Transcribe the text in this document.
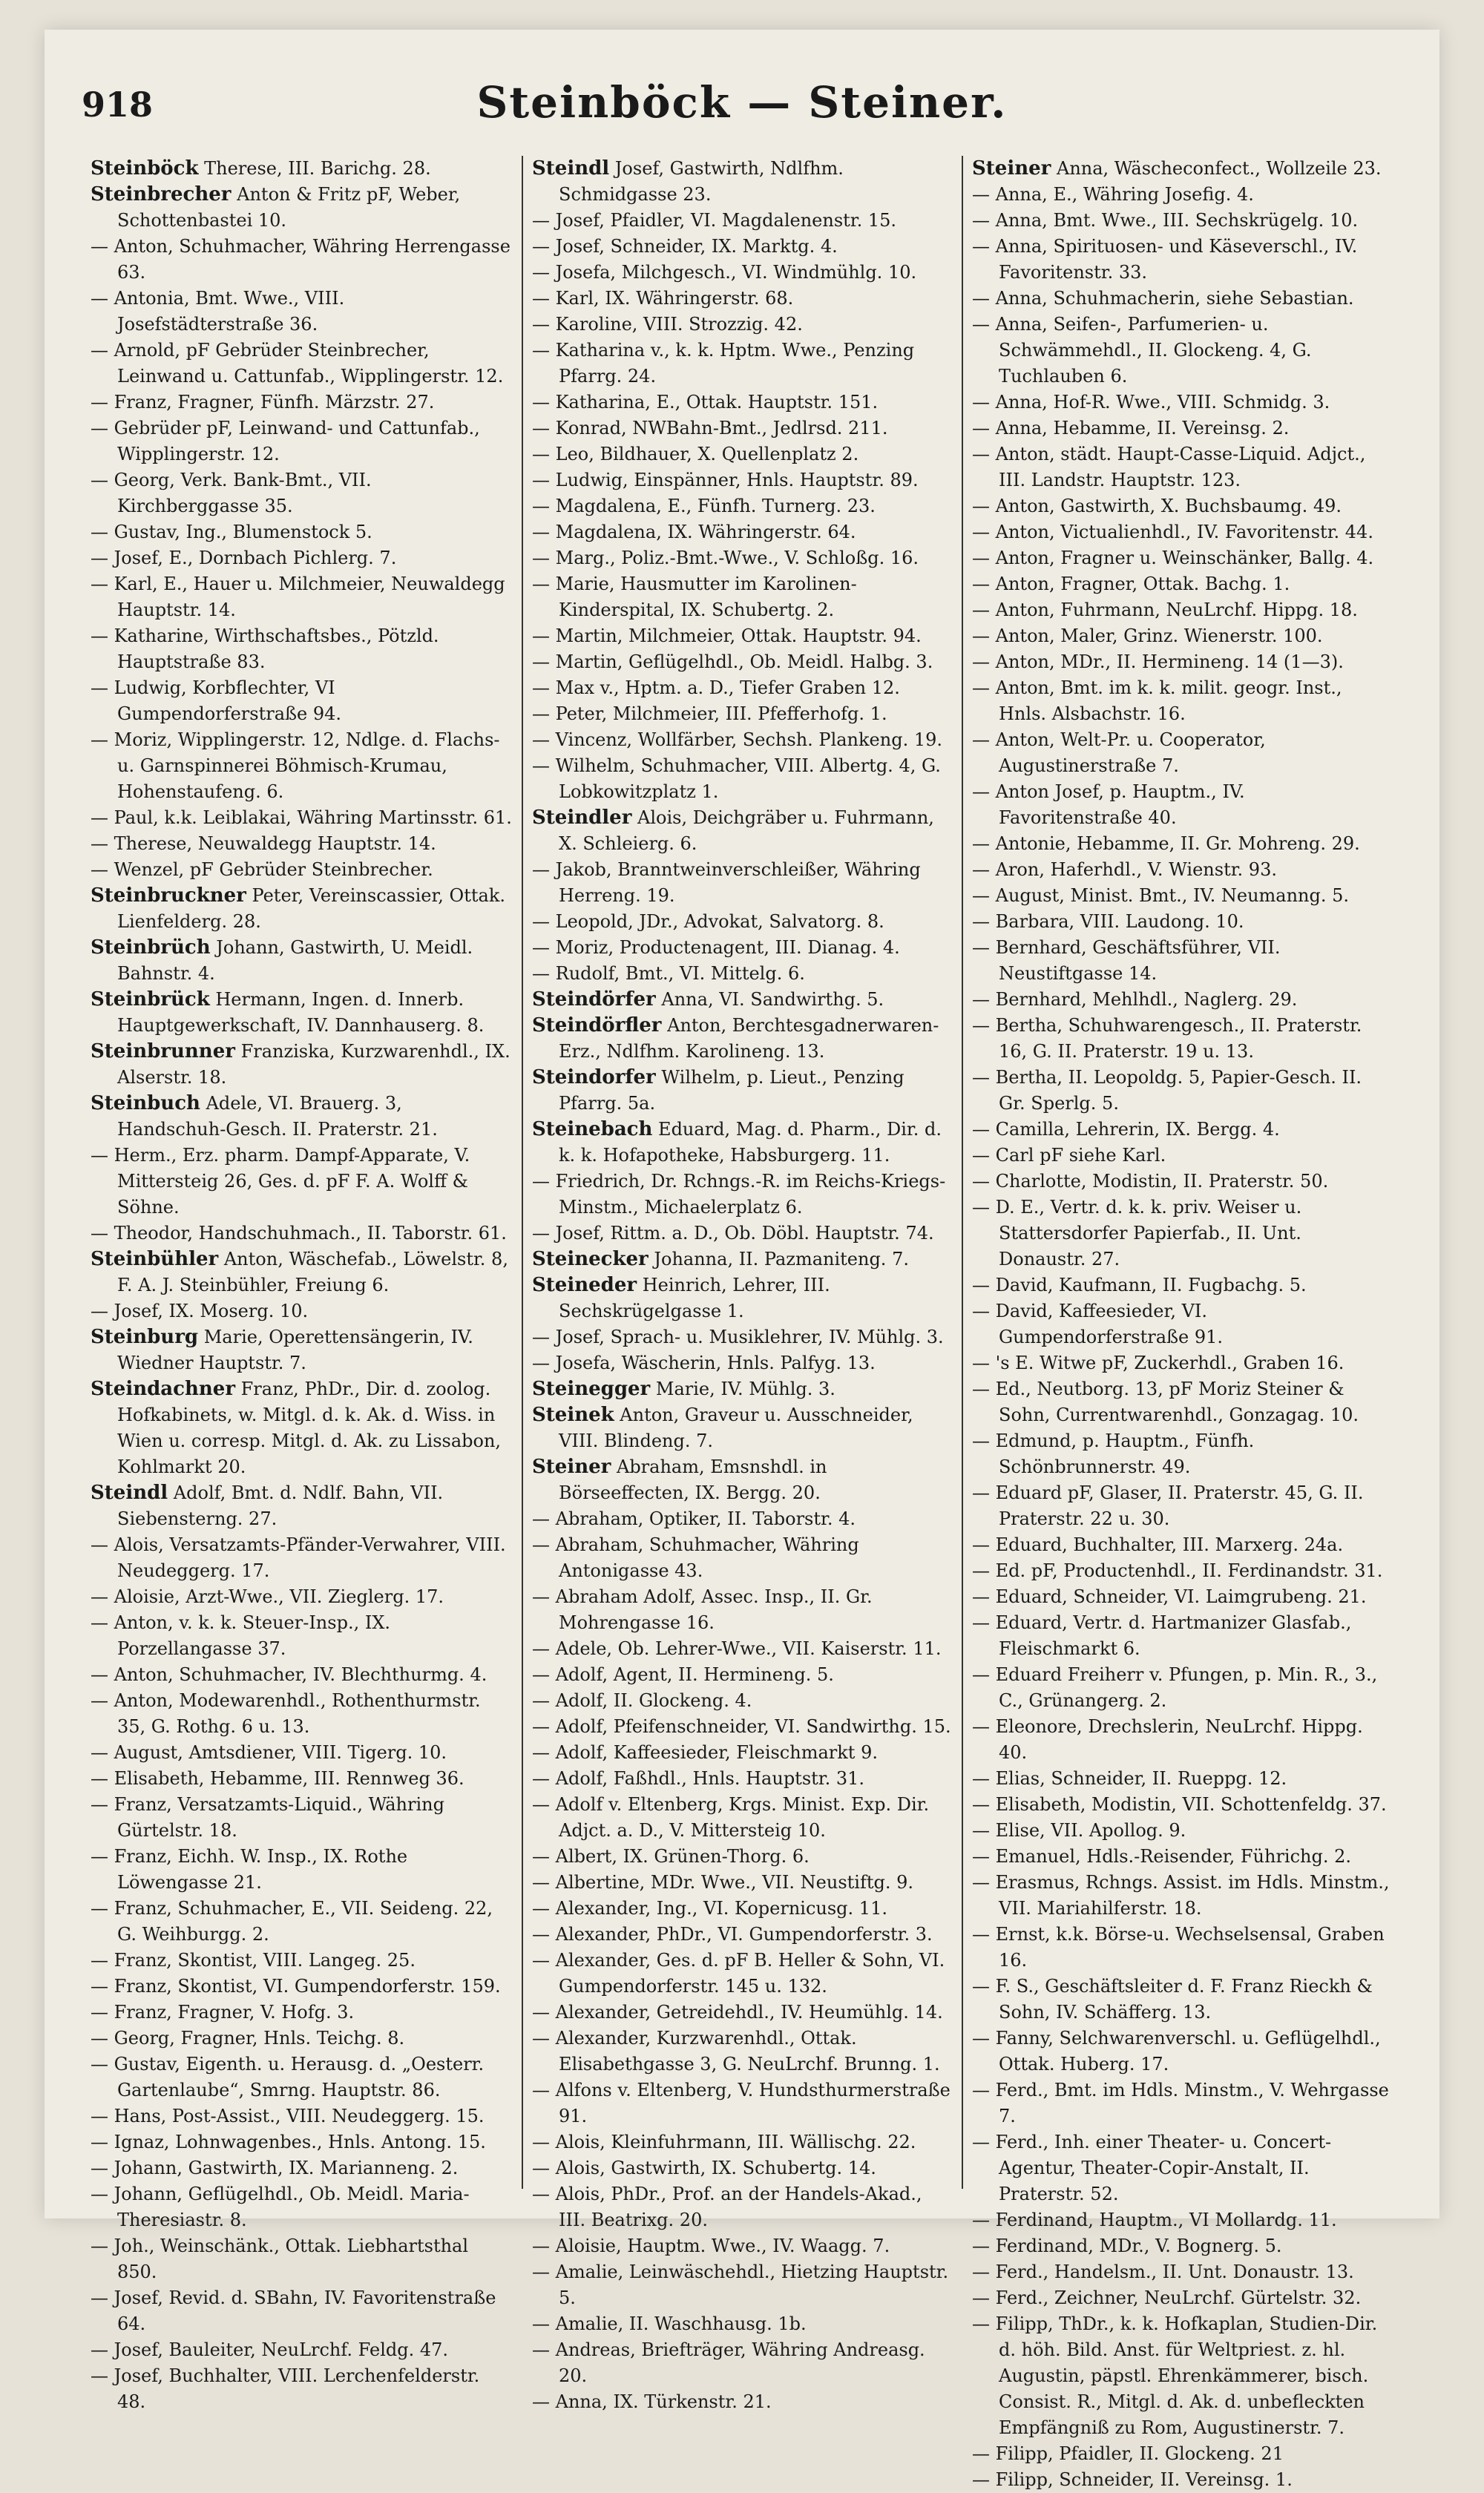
918	Steinböck — Steiner.
Steinböck Therese, III. Barichg. 28.
Steinbrecher Anton & Fritz pF, Weber, Schottenbastei 10.
— Anton, Schuhmacher, Währing Herrengasse 63.
— Antonia, Bmt. Wwe., VIII. Josefstädterstraße 36.
— Arnold, pF Gebrüder Steinbrecher, Leinwand u. Cattunfab., Wipplingerstr. 12.
— Franz, Fragner, Fünfh. Märzstr. 27.
— Gebrüder pF, Leinwand- und Cattunfab., Wipplingerstr. 12.
— Georg, Verk. Bank-Bmt., VII. Kirchberggasse 35.
— Gustav, Ing., Blumenstock 5.
— Josef, E., Dornbach Pichlerg. 7.
— Karl, E., Hauer u. Milchmeier, Neuwaldegg Hauptstr. 14.
— Katharine, Wirthschaftsbes., Pötzld. Hauptstraße 83.
— Ludwig, Korbflechter, VI Gumpendorferstraße 94.
— Moriz, Wipplingerstr. 12, Ndlge. d. Flachs- u. Garnspinnerei Böhmisch-Krumau, Hohenstaufeng. 6.
— Paul, k.k. Leiblakai, Währing Martinsstr. 61.
— Therese, Neuwaldegg Hauptstr. 14.
— Wenzel, pF Gebrüder Steinbrecher.
Steinbruckner Peter, Vereinscassier, Ottak. Lienfelderg. 28.
Steinbrüch Johann, Gastwirth, U. Meidl. Bahnstr. 4.
Steinbrück Hermann, Ingen. d. Innerb. Hauptgewerkschaft, IV. Dannhauserg. 8.
Steinbrunner Franziska, Kurzwarenhdl., IX. Alserstr. 18.
Steinbuch Adele, VI. Brauerg. 3, Handschuh-Gesch. II. Praterstr. 21.
— Herm., Erz. pharm. Dampf-Apparate, V. Mittersteig 26, Ges. d. pF F. A. Wolff & Söhne.
— Theodor, Handschuhmach., II. Taborstr. 61.
Steinbühler Anton, Wäschefab., Löwelstr. 8, F. A. J. Steinbühler, Freiung 6.
— Josef, IX. Moserg. 10.
Steinburg Marie, Operettensängerin, IV. Wiedner Hauptstr. 7.
Steindachner Franz, PhDr., Dir. d. zoolog. Hofkabinets, w. Mitgl. d. k. Ak. d. Wiss. in Wien u. corresp. Mitgl. d. Ak. zu Lissabon, Kohlmarkt 20.
Steindl Adolf, Bmt. d. Ndlf. Bahn, VII. Siebensterng. 27.
— Alois, Versatzamts-Pfänder-Verwahrer, VIII. Neudeggerg. 17.
— Aloisie, Arzt-Wwe., VII. Zieglerg. 17.
— Anton, v. k. k. Steuer-Insp., IX. Porzellangasse 37.
— Anton, Schuhmacher, IV. Blechthurmg. 4.
— Anton, Modewarenhdl., Rothenthurmstr. 35, G. Rothg. 6 u. 13.
— August, Amtsdiener, VIII. Tigerg. 10.
— Elisabeth, Hebamme, III. Rennweg 36.
— Franz, Versatzamts-Liquid., Währing Gürtelstr. 18.
— Franz, Eichh. W. Insp., IX. Rothe Löwengasse 21.
— Franz, Schuhmacher, E., VII. Seideng. 22, G. Weihburgg. 2.
— Franz, Skontist, VIII. Langeg. 25.
— Franz, Skontist, VI. Gumpendorferstr. 159.
— Franz, Fragner, V. Hofg. 3.
— Georg, Fragner, Hnls. Teichg. 8.
— Gustav, Eigenth. u. Herausg. d. „Oesterr. Gartenlaube“, Smrng. Hauptstr. 86.
— Hans, Post-Assist., VIII. Neudeggerg. 15.
— Ignaz, Lohnwagenbes., Hnls. Antong. 15.
— Johann, Gastwirth, IX. Marianneng. 2.
— Johann, Geflügelhdl., Ob. Meidl. Maria-Theresiastr. 8.
— Joh., Weinschänk., Ottak. Liebhartsthal 850.
— Josef, Revid. d. SBahn, IV. Favoritenstraße 64.
— Josef, Bauleiter, NeuLrchf. Feldg. 47.
— Josef, Buchhalter, VIII. Lerchenfelderstr. 48.
Steindl Josef, Gastwirth, Ndlfhm. Schmidgasse 23.
— Josef, Pfaidler, VI. Magdalenenstr. 15.
— Josef, Schneider, IX. Marktg. 4.
— Josefa, Milchgesch., VI. Windmühlg. 10.
— Karl, IX. Währingerstr. 68.
— Karoline, VIII. Strozzig. 42.
— Katharina v., k. k. Hptm. Wwe., Penzing Pfarrg. 24.
— Katharina, E., Ottak. Hauptstr. 151.
— Konrad, NWBahn-Bmt., Jedlrsd. 211.
— Leo, Bildhauer, X. Quellenplatz 2.
— Ludwig, Einspänner, Hnls. Hauptstr. 89.
— Magdalena, E., Fünfh. Turnerg. 23.
— Magdalena, IX. Währingerstr. 64.
— Marg., Poliz.-Bmt.-Wwe., V. Schloßg. 16.
— Marie, Hausmutter im Karolinen-Kinderspital, IX. Schubertg. 2.
— Martin, Milchmeier, Ottak. Hauptstr. 94.
— Martin, Geflügelhdl., Ob. Meidl. Halbg. 3.
— Max v., Hptm. a. D., Tiefer Graben 12.
— Peter, Milchmeier, III. Pfefferhofg. 1.
— Vincenz, Wollfärber, Sechsh. Plankeng. 19.
— Wilhelm, Schuhmacher, VIII. Albertg. 4, G. Lobkowitzplatz 1.
Steindler Alois, Deichgräber u. Fuhrmann, X. Schleierg. 6.
— Jakob, Branntweinverschleißer, Währing Herreng. 19.
— Leopold, JDr., Advokat, Salvatorg. 8.
— Moriz, Productenagent, III. Dianag. 4.
— Rudolf, Bmt., VI. Mittelg. 6.
Steindörfer Anna, VI. Sandwirthg. 5.
Steindörfler Anton, Berchtesgadnerwaren-Erz., Ndlfhm. Karolineng. 13.
Steindorfer Wilhelm, p. Lieut., Penzing Pfarrg. 5a.
Steinebach Eduard, Mag. d. Pharm., Dir. d. k. k. Hofapotheke, Habsburgerg. 11.
— Friedrich, Dr. Rchngs.-R. im Reichs-Kriegs-Minstm., Michaelerplatz 6.
— Josef, Rittm. a. D., Ob. Döbl. Hauptstr. 74.
Steinecker Johanna, II. Pazmaniteng. 7.
Steineder Heinrich, Lehrer, III. Sechskrügelgasse 1.
— Josef, Sprach- u. Musiklehrer, IV. Mühlg. 3.
— Josefa, Wäscherin, Hnls. Palfyg. 13.
Steinegger Marie, IV. Mühlg. 3.
Steinek Anton, Graveur u. Ausschneider, VIII. Blindeng. 7.
Steiner Abraham, Emsnshdl. in Börseeffecten, IX. Bergg. 20.
— Abraham, Optiker, II. Taborstr. 4.
— Abraham, Schuhmacher, Währing Antonigasse 43.
— Abraham Adolf, Assec. Insp., II. Gr. Mohrengasse 16.
— Adele, Ob. Lehrer-Wwe., VII. Kaiserstr. 11.
— Adolf, Agent, II. Hermineng. 5.
— Adolf, II. Glockeng. 4.
— Adolf, Pfeifenschneider, VI. Sandwirthg. 15.
— Adolf, Kaffeesieder, Fleischmarkt 9.
— Adolf, Faßhdl., Hnls. Hauptstr. 31.
— Adolf v. Eltenberg, Krgs. Minist. Exp. Dir. Adjct. a. D., V. Mittersteig 10.
— Albert, IX. Grünen-Thorg. 6.
— Albertine, MDr. Wwe., VII. Neustiftg. 9.
— Alexander, Ing., VI. Kopernicusg. 11.
— Alexander, PhDr., VI. Gumpendorferstr. 3.
— Alexander, Ges. d. pF B. Heller & Sohn, VI. Gumpendorferstr. 145 u. 132.
— Alexander, Getreidehdl., IV. Heumühlg. 14.
— Alexander, Kurzwarenhdl., Ottak. Elisabethgasse 3, G. NeuLrchf. Brunng. 1.
— Alfons v. Eltenberg, V. Hundsthurmerstraße 91.
— Alois, Kleinfuhrmann, III. Wällischg. 22.
— Alois, Gastwirth, IX. Schubertg. 14.
— Alois, PhDr., Prof. an der Handels-Akad., III. Beatrixg. 20.
— Aloisie, Hauptm. Wwe., IV. Waagg. 7.
— Amalie, Leinwäschehdl., Hietzing Hauptstr. 5.
— Amalie, II. Waschhausg. 1b.
— Andreas, Briefträger, Währing Andreasg. 20.
— Anna, IX. Türkenstr. 21.
Steiner Anna, Wäscheconfect., Wollzeile 23.
— Anna, E., Währing Josefig. 4.
— Anna, Bmt. Wwe., III. Sechskrügelg. 10.
— Anna, Spirituosen- und Käseverschl., IV. Favoritenstr. 33.
— Anna, Schuhmacherin, siehe Sebastian.
— Anna, Seifen-, Parfumerien- u. Schwämmehdl., II. Glockeng. 4, G. Tuchlauben 6.
— Anna, Hof-R. Wwe., VIII. Schmidg. 3.
— Anna, Hebamme, II. Vereinsg. 2.
— Anton, städt. Haupt-Casse-Liquid. Adjct., III. Landstr. Hauptstr. 123.
— Anton, Gastwirth, X. Buchsbaumg. 49.
— Anton, Victualienhdl., IV. Favoritenstr. 44.
— Anton, Fragner u. Weinschänker, Ballg. 4.
— Anton, Fragner, Ottak. Bachg. 1.
— Anton, Fuhrmann, NeuLrchf. Hippg. 18.
— Anton, Maler, Grinz. Wienerstr. 100.
— Anton, MDr., II. Hermineng. 14 (1—3).
— Anton, Bmt. im k. k. milit. geogr. Inst., Hnls. Alsbachstr. 16.
— Anton, Welt-Pr. u. Cooperator, Augustinerstraße 7.
— Anton Josef, p. Hauptm., IV. Favoritenstraße 40.
— Antonie, Hebamme, II. Gr. Mohreng. 29.
— Aron, Haferhdl., V. Wienstr. 93.
— August, Minist. Bmt., IV. Neumanng. 5.
— Barbara, VIII. Laudong. 10.
— Bernhard, Geschäftsführer, VII. Neustiftgasse 14.
— Bernhard, Mehlhdl., Naglerg. 29.
— Bertha, Schuhwarengesch., II. Praterstr. 16, G. II. Praterstr. 19 u. 13.
— Bertha, II. Leopoldg. 5, Papier-Gesch. II. Gr. Sperlg. 5.
— Camilla, Lehrerin, IX. Bergg. 4.
— Carl pF siehe Karl.
— Charlotte, Modistin, II. Praterstr. 50.
— D. E., Vertr. d. k. k. priv. Weiser u. Stattersdorfer Papierfab., II. Unt. Donaustr. 27.
— David, Kaufmann, II. Fugbachg. 5.
— David, Kaffeesieder, VI. Gumpendorferstraße 91.
— 's E. Witwe pF, Zuckerhdl., Graben 16.
— Ed., Neutborg. 13, pF Moriz Steiner & Sohn, Currentwarenhdl., Gonzagag. 10.
— Edmund, p. Hauptm., Fünfh. Schönbrunnerstr. 49.
— Eduard pF, Glaser, II. Praterstr. 45, G. II. Praterstr. 22 u. 30.
— Eduard, Buchhalter, III. Marxerg. 24a.
— Ed. pF, Productenhdl., II. Ferdinandstr. 31.
— Eduard, Schneider, VI. Laimgrubeng. 21.
— Eduard, Vertr. d. Hartmanizer Glasfab., Fleischmarkt 6.
— Eduard Freiherr v. Pfungen, p. Min. R., 3., C., Grünangerg. 2.
— Eleonore, Drechslerin, NeuLrchf. Hippg. 40.
— Elias, Schneider, II. Rueppg. 12.
— Elisabeth, Modistin, VII. Schottenfeldg. 37.
— Elise, VII. Apollog. 9.
— Emanuel, Hdls.-Reisender, Führichg. 2.
— Erasmus, Rchngs. Assist. im Hdls. Minstm., VII. Mariahilferstr. 18.
— Ernst, k.k. Börse-u. Wechselsensal, Graben 16.
— F. S., Geschäftsleiter d. F. Franz Rieckh & Sohn, IV. Schäfferg. 13.
— Fanny, Selchwarenverschl. u. Geflügelhdl., Ottak. Huberg. 17.
— Ferd., Bmt. im Hdls. Minstm., V. Wehrgasse 7.
— Ferd., Inh. einer Theater- u. Concert-Agentur, Theater-Copir-Anstalt, II. Praterstr. 52.
— Ferdinand, Hauptm., VI Mollardg. 11.
— Ferdinand, MDr., V. Bognerg. 5.
— Ferd., Handelsm., II. Unt. Donaustr. 13.
— Ferd., Zeichner, NeuLrchf. Gürtelstr. 32.
— Filipp, ThDr., k. k. Hofkaplan, Studien-Dir. d. höh. Bild. Anst. für Weltpriest. z. hl. Augustin, päpstl. Ehrenkämmerer, bisch. Consist. R., Mitgl. d. Ak. d. unbefleckten Empfängniß zu Rom, Augustinerstr. 7.
— Filipp, Pfaidler, II. Glockeng. 21
— Filipp, Schneider, II. Vereinsg. 1.
